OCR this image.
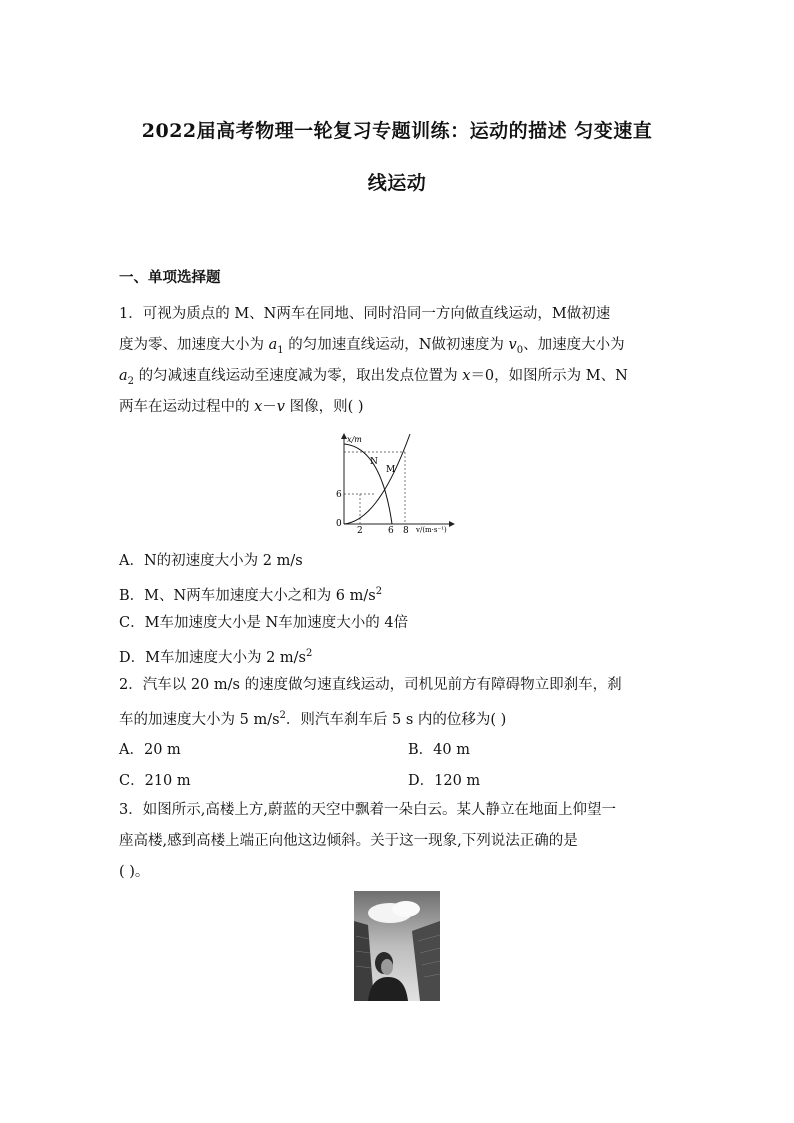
2022届高考物理一轮复习专题训练：运动的描述 匀变速直
线运动
一、单项选择题
1．可视为质点的 M、N两车在同地、同时沿同一方向做直线运动，M做初速
度为零、加速度大小为 $a_1$ 的匀加速直线运动，N做初速度为 $v_0$、加速度大小为
$a_2$ 的匀减速直线运动至速度减为零，取出发点位置为 x＝0，如图所示为 M、N
两车在运动过程中的 x－v 图像，则( )
x/m
v/(m·s⁻¹)
0
6
2	6 8
N
M
A．N的初速度大小为 2 m/s
B．M、N两车加速度大小之和为 6 $m/s^2$
C．M车加速度大小是 N车加速度大小的 4倍
D．M车加速度大小为 2 $m/s^2$
2．汽车以 20 m/s 的速度做匀速直线运动，司机见前方有障碍物立即刹车，刹
车的加速度大小为 5 $m/s^2$．则汽车刹车后 5 s 内的位移为( )
A．20 m	B．40 m
C．210 m	D．120 m
3．如图所示,高楼上方,蔚蓝的天空中飘着一朵白云。某人静立在地面上仰望一
座高楼,感到高楼上端正向他这边倾斜。关于这一现象,下列说法正确的是
( )。
